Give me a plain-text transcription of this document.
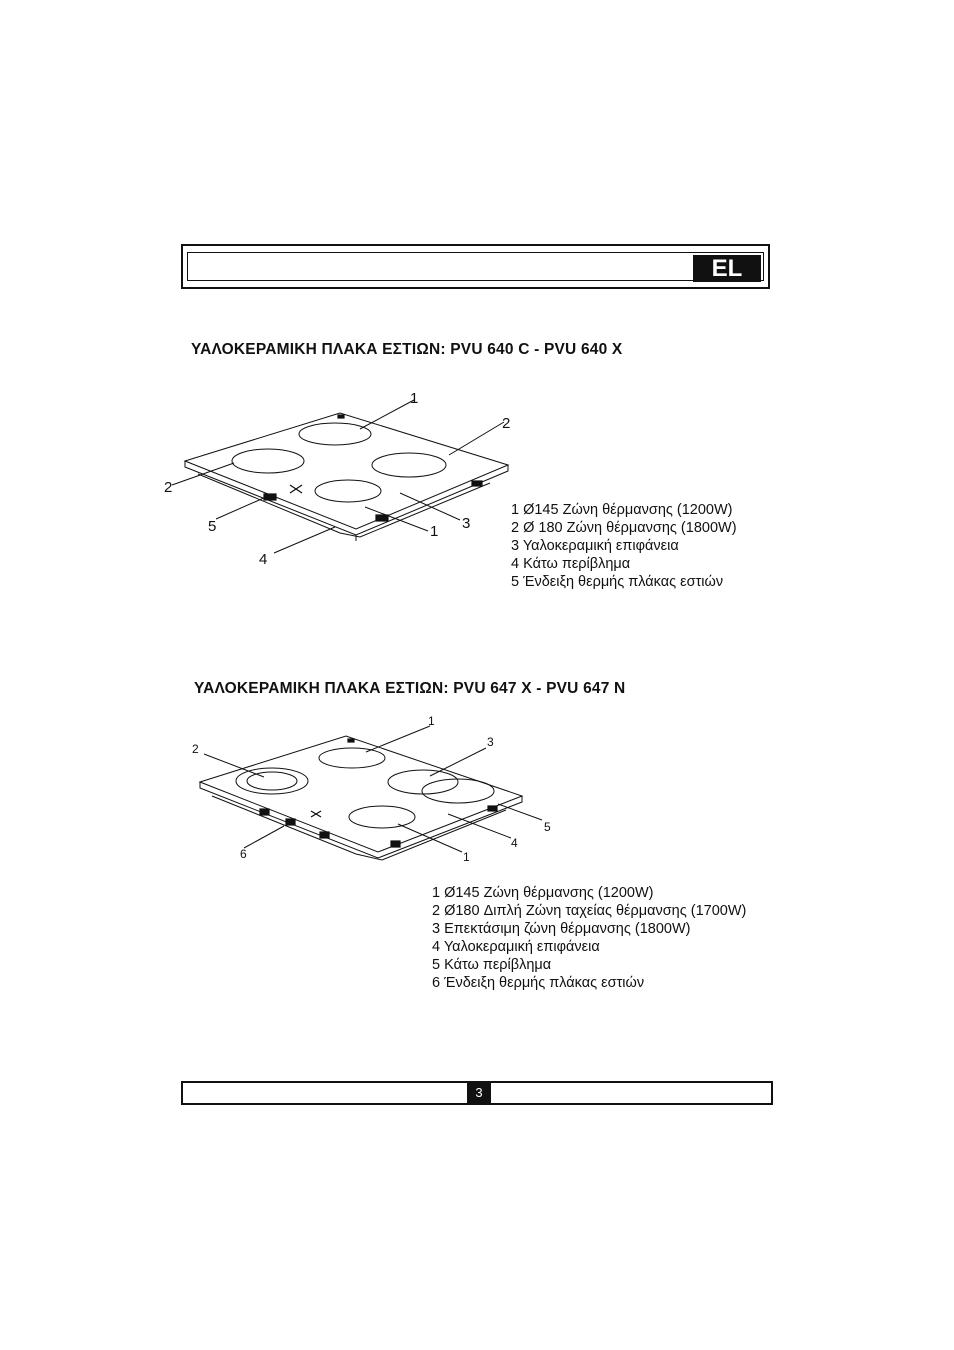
EL
ΥΑΛΟΚΕΡΑΜΙΚΗ ΠΛΑΚΑ ΕΣΤΙΩΝ: PVU 640 C - PVU 640 X
1
2
2
5
4
1 3
1 Ø145 Ζώνη θέρμανσης (1200W)
2 Ø 180 Ζώνη θέρμανσης (1800W)
3 Υαλοκεραμική επιφάνεια
4 Κάτω περίβλημα
5 Ένδειξη θερμής πλάκας εστιών
ΥΑΛΟΚΕΡΑΜΙΚΗ ΠΛΑΚΑ ΕΣΤΙΩΝ: PVU 647 X - PVU 647 N
1
2	3
5
4
1
6
1 Ø145 Ζώνη θέρμανσης (1200W)
2 Ø180 Διπλή Ζώνη ταχείας θέρμανσης (1700W)
3 Επεκτάσιμη ζώνη θέρμανσης (1800W)
4 Υαλοκεραμική επιφάνεια
5 Κάτω περίβλημα
6 Ένδειξη θερμής πλάκας εστιών
3
